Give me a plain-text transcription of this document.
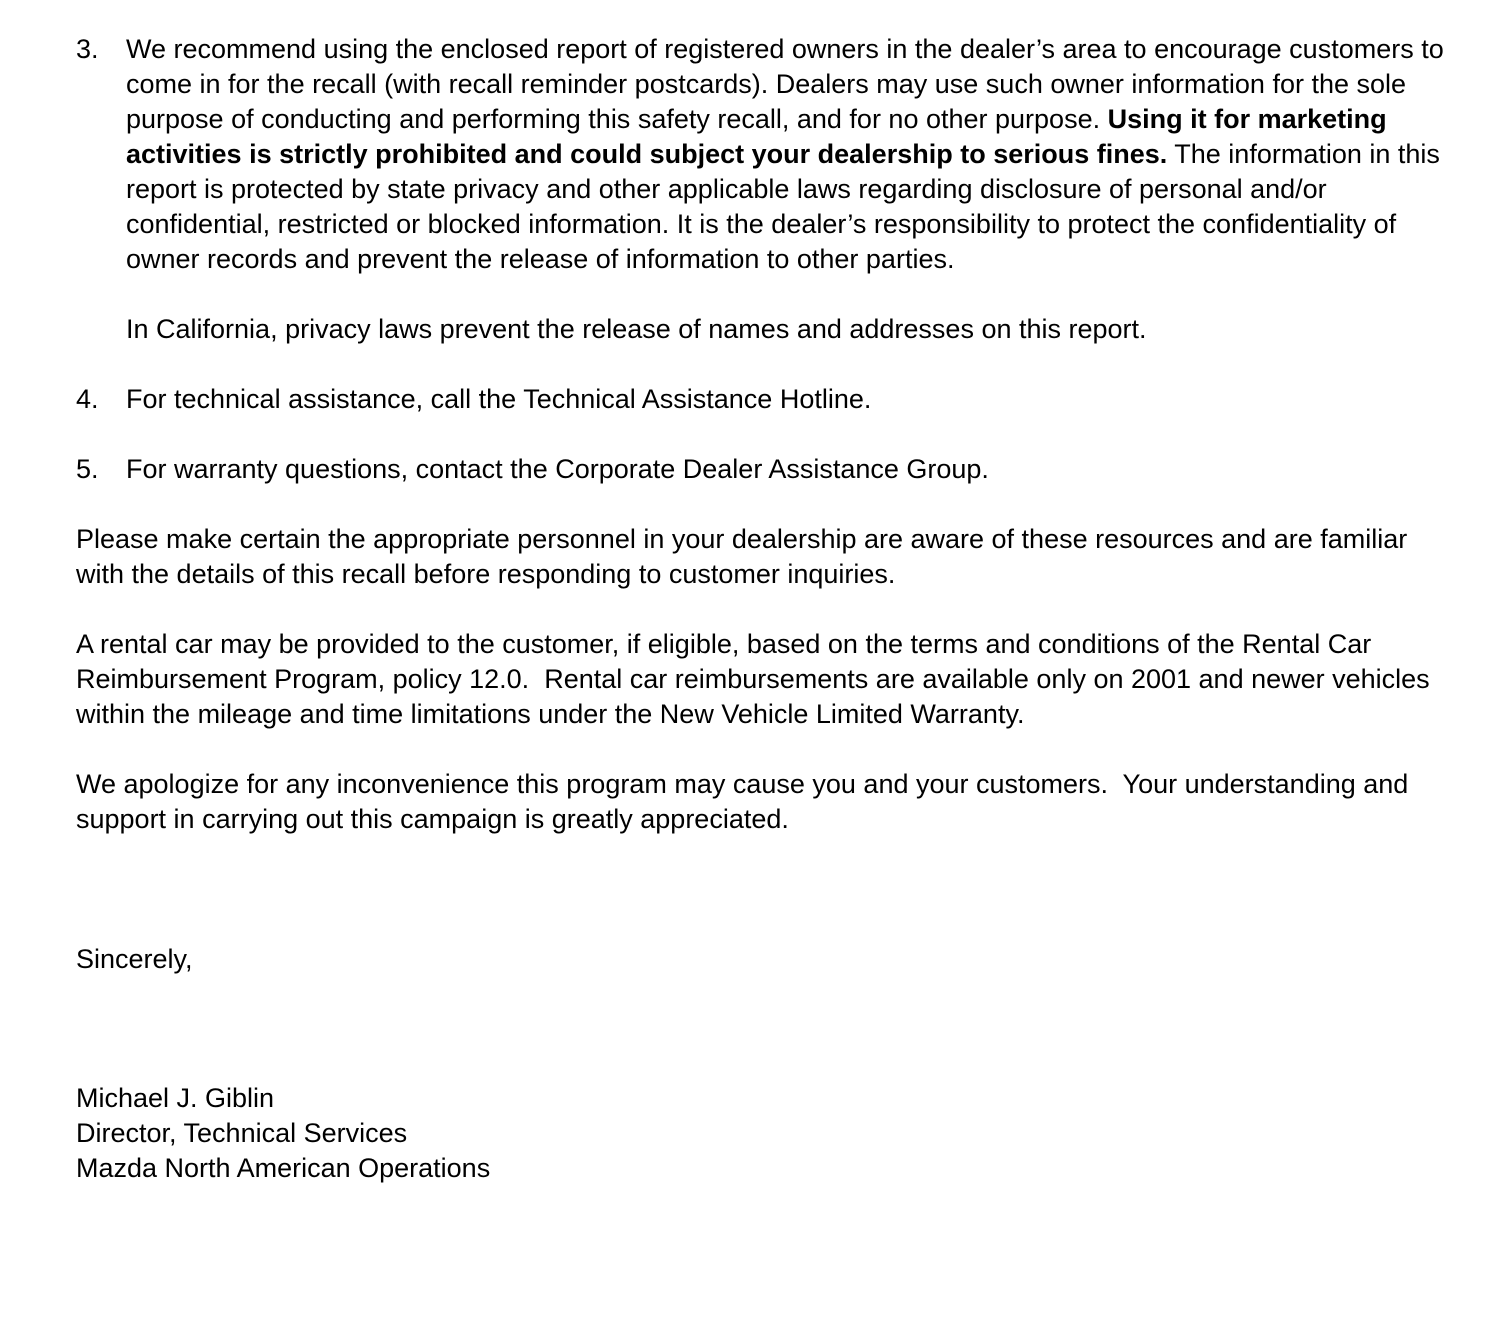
3. We recommend using the enclosed report of registered owners in the dealer’s area to encourage customers to come in for the recall (with recall reminder postcards). Dealers may use such owner information for the sole purpose of conducting and performing this safety recall, and for no other purpose. Using it for marketing activities is strictly prohibited and could subject your dealership to serious fines. The information in this report is protected by state privacy and other applicable laws regarding disclosure of personal and/or confidential, restricted or blocked information. It is the dealer’s responsibility to protect the confidentiality of owner records and prevent the release of information to other parties.

In California, privacy laws prevent the release of names and addresses on this report.

4. For technical assistance, call the Technical Assistance Hotline.

5. For warranty questions, contact the Corporate Dealer Assistance Group.

Please make certain the appropriate personnel in your dealership are aware of these resources and are familiar with the details of this recall before responding to customer inquiries.

A rental car may be provided to the customer, if eligible, based on the terms and conditions of the Rental Car Reimbursement Program, policy 12.0.  Rental car reimbursements are available only on 2001 and newer vehicles within the mileage and time limitations under the New Vehicle Limited Warranty.

We apologize for any inconvenience this program may cause you and your customers.  Your understanding and support in carrying out this campaign is greatly appreciated.

Sincerely,

Michael J. Giblin

Director, Technical Services

Mazda North American Operations
